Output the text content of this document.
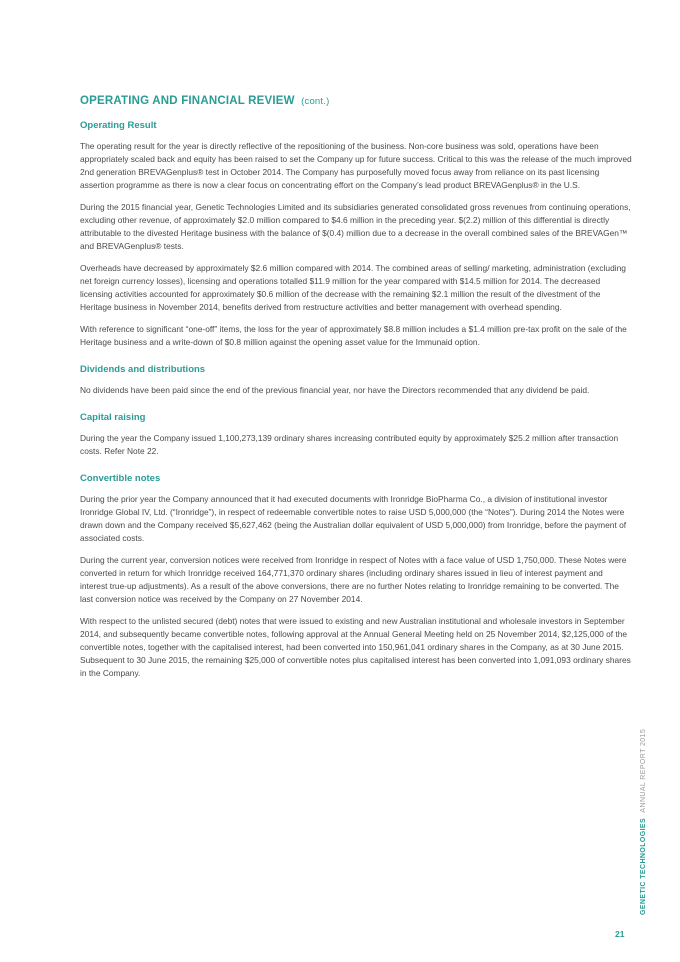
OPERATING AND FINANCIAL REVIEW (cont.)
Operating Result

The operating result for the year is directly reflective of the repositioning of the business. Non-core business was sold, operations have been appropriately scaled back and equity has been raised to set the Company up for future success. Critical to this was the release of the much improved 2nd generation BREVAGenplus® test in October 2014. The Company has purposefully moved focus away from reliance on its past licensing assertion programme as there is now a clear focus on concentrating effort on the Company’s lead product BREVAGenplus® in the U.S.

During the 2015 financial year, Genetic Technologies Limited and its subsidiaries generated consolidated gross revenues from continuing operations, excluding other revenue, of approximately $2.0 million compared to $4.6 million in the preceding year. $(2.2) million of this differential is directly attributable to the divested Heritage business with the balance of $(0.4) million due to a decrease in the overall combined sales of the BREVAGen™ and BREVAGenplus® tests.

Overheads have decreased by approximately $2.6 million compared with 2014. The combined areas of selling/ marketing, administration (excluding net foreign currency losses), licensing and operations totalled $11.9 million for the year compared with $14.5 million for 2014. The decreased licensing activities accounted for approximately $0.6 million of the decrease with the remaining $2.1 million the result of the divestment of the Heritage business in November 2014, benefits derived from restructure activities and better management with overhead spending.

With reference to significant “one-off” items, the loss for the year of approximately $8.8 million includes a $1.4 million pre-tax profit on the sale of the Heritage business and a write-down of $0.8 million against the opening asset value for the Immunaid option.

Dividends and distributions

No dividends have been paid since the end of the previous financial year, nor have the Directors recommended that any dividend be paid.

Capital raising

During the year the Company issued 1,100,273,139 ordinary shares increasing contributed equity by approximately $25.2 million after transaction costs. Refer Note 22.

Convertible notes

During the prior year the Company announced that it had executed documents with Ironridge BioPharma Co., a division of institutional investor Ironridge Global IV, Ltd. (“Ironridge”), in respect of redeemable convertible notes to raise USD 5,000,000 (the “Notes”). During 2014 the Notes were drawn down and the Company received $5,627,462 (being the Australian dollar equivalent of USD 5,000,000) from Ironridge, before the payment of associated costs.

During the current year, conversion notices were received from Ironridge in respect of Notes with a face value of USD 1,750,000. These Notes were converted in return for which Ironridge received 164,771,370 ordinary shares (including ordinary shares issued in lieu of interest payment and interest true-up adjustments). As a result of the above conversions, there are no further Notes relating to Ironridge remaining to be converted. The last conversion notice was received by the Company on 27 November 2014.

With respect to the unlisted secured (debt) notes that were issued to existing and new Australian institutional and wholesale investors in September 2014, and subsequently became convertible notes, following approval at the Annual General Meeting held on 25 November 2014, $2,125,000 of the convertible notes, together with the capitalised interest, had been converted into 150,961,041 ordinary shares in the Company, as at 30 June 2015. Subsequent to 30 June 2015, the remaining $25,000 of convertible notes plus capitalised interest has been converted into 1,091,093 ordinary shares in the Company.

GENETIC TECHNOLOGIES ANNUAL REPORT 2015
21
